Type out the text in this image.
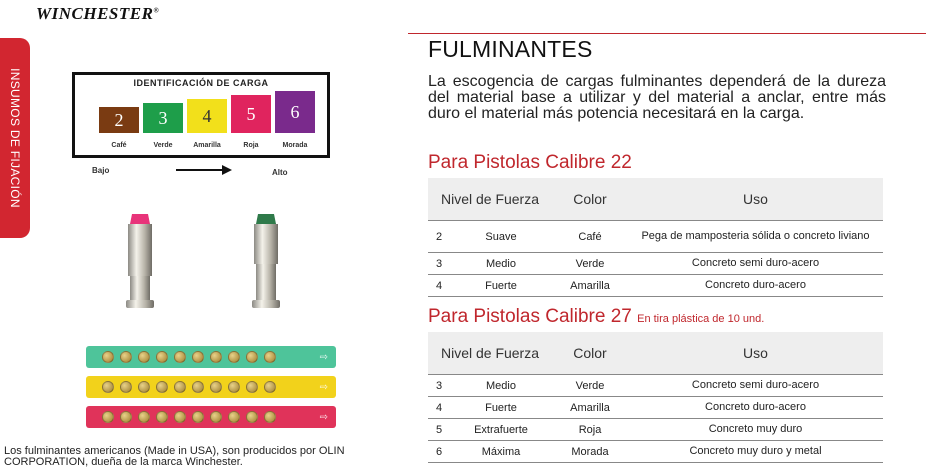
WINCHESTER®
INSUMOS DE FIJACIÓN	IDENTIFICACIÓN DE CARGA
2 3 4 5 6
Café	Verde	Amarilla	Roja	Morada
Bajo	Alto
⇨
⇨
⇨
Los fulminantes americanos (Made in USA), son producidos por OLIN CORPORATION, dueña de la marca Winchester.
FULMINANTES
La escogencia de cargas fulminantes dependerá de la dureza del material base a utilizar y del material a anclar, entre más duro el material más potencia necesitará en la carga.
Para Pistolas Calibre 22
Nivel de Fuerza	Color	Uso
2	Suave	Café	Pega de mamposteria sólida o concreto liviano
3	Medio	Verde	Concreto semi duro-acero
4	Fuerte	Amarilla	Concreto duro-acero
Para Pistolas Calibre 27 En tira plástica de 10 und.
Nivel de Fuerza	Color	Uso
3	Medio	Verde	Concreto semi duro-acero
4	Fuerte	Amarilla	Concreto duro-acero
5	Extrafuerte	Roja	Concreto muy duro
6	Máxima	Morada	Concreto muy duro y metal
